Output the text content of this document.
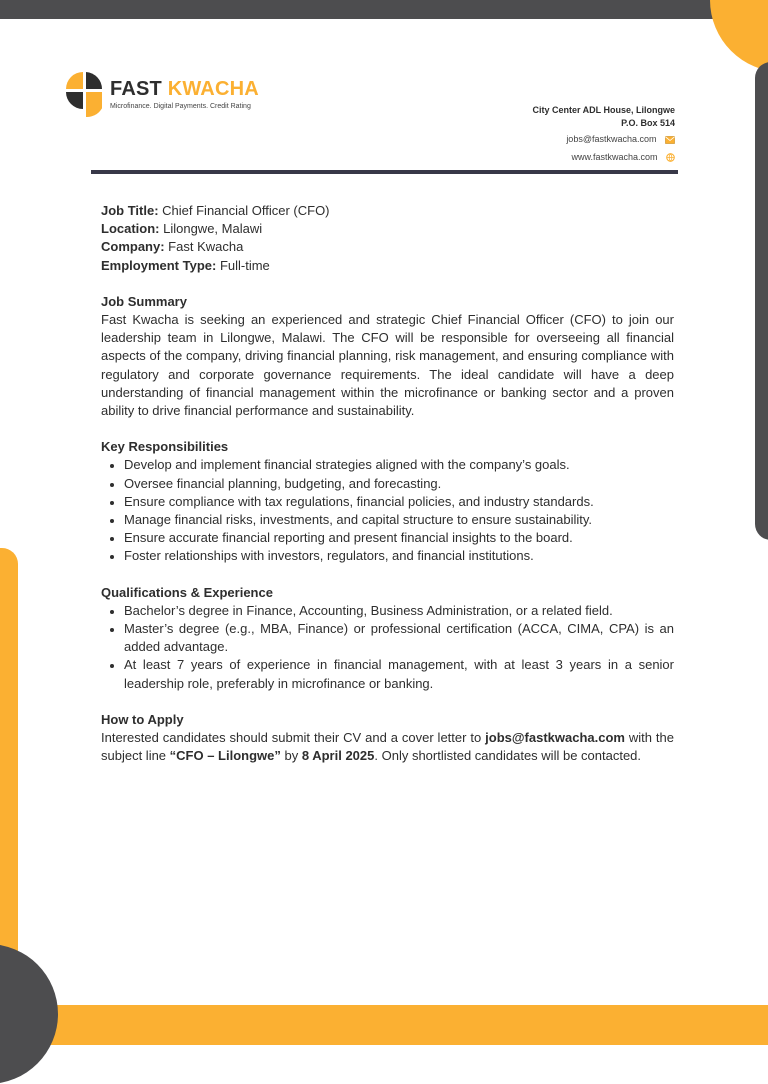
FAST KWACHA
Microfinance. Digital Payments. Credit Rating	City Center ADL House, Lilongwe
P.O. Box 514
jobs@fastkwacha.com
www.fastkwacha.com
Job Title: Chief Financial Officer (CFO)
Location: Lilongwe, Malawi
Company: Fast Kwacha
Employment Type: Full-time
Job Summary
Fast Kwacha is seeking an experienced and strategic Chief Financial Officer (CFO) to join our leadership team in Lilongwe, Malawi. The CFO will be responsible for overseeing all financial aspects of the company, driving financial planning, risk management, and ensuring compliance with regulatory and corporate governance requirements. The ideal candidate will have a deep understanding of financial management within the microfinance or banking sector and a proven ability to drive financial performance and sustainability.
Key Responsibilities
• Develop and implement financial strategies aligned with the company’s goals.
• Oversee financial planning, budgeting, and forecasting.
• Ensure compliance with tax regulations, financial policies, and industry standards.
• Manage financial risks, investments, and capital structure to ensure sustainability.
• Ensure accurate financial reporting and present financial insights to the board.
• Foster relationships with investors, regulators, and financial institutions.
Qualifications & Experience
• Bachelor’s degree in Finance, Accounting, Business Administration, or a related field.
• Master’s degree (e.g., MBA, Finance) or professional certification (ACCA, CIMA, CPA) is an added advantage.
• At least 7 years of experience in financial management, with at least 3 years in a senior leadership role, preferably in microfinance or banking.
How to Apply
Interested candidates should submit their CV and a cover letter to jobs@fastkwacha.com with the subject line “CFO – Lilongwe” by 8 April 2025. Only shortlisted candidates will be contacted.
